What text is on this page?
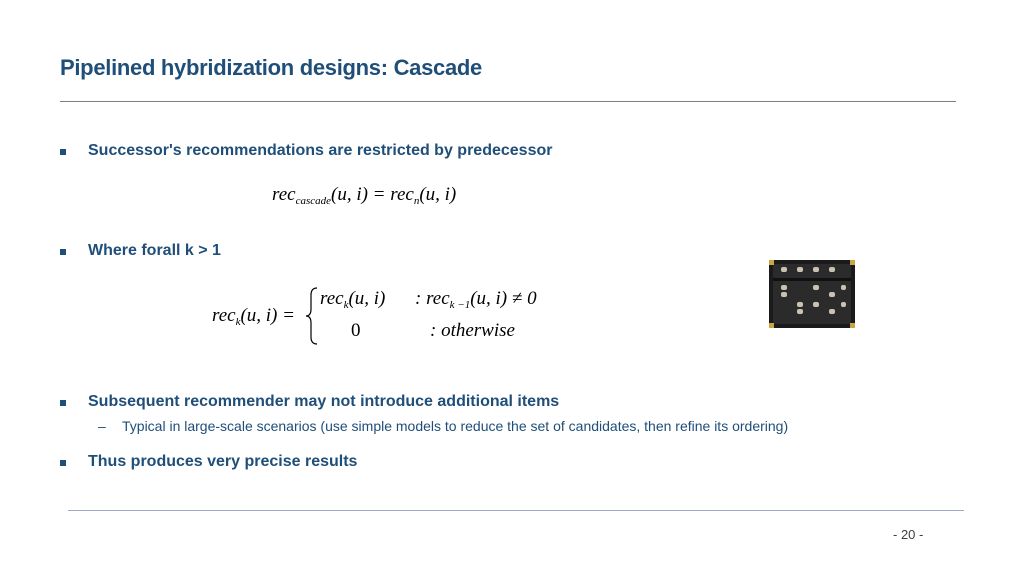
Pipelined hybridization designs: Cascade
Successor's recommendations are restricted by predecessor
rec$_{cascade}$(u, i) = rec$_n$(u, i)
Where forall k > 1
rec$_k$(u, i) =
rec$_k$(u, i) : rec$_{k -1}$(u, i) ≠ 0
0	: otherwise
Subsequent recommender may not introduce additional items
– Typical in large-scale scenarios (use simple models to reduce the set of candidates, then refine its ordering)
Thus produces very precise results
- 20 -
